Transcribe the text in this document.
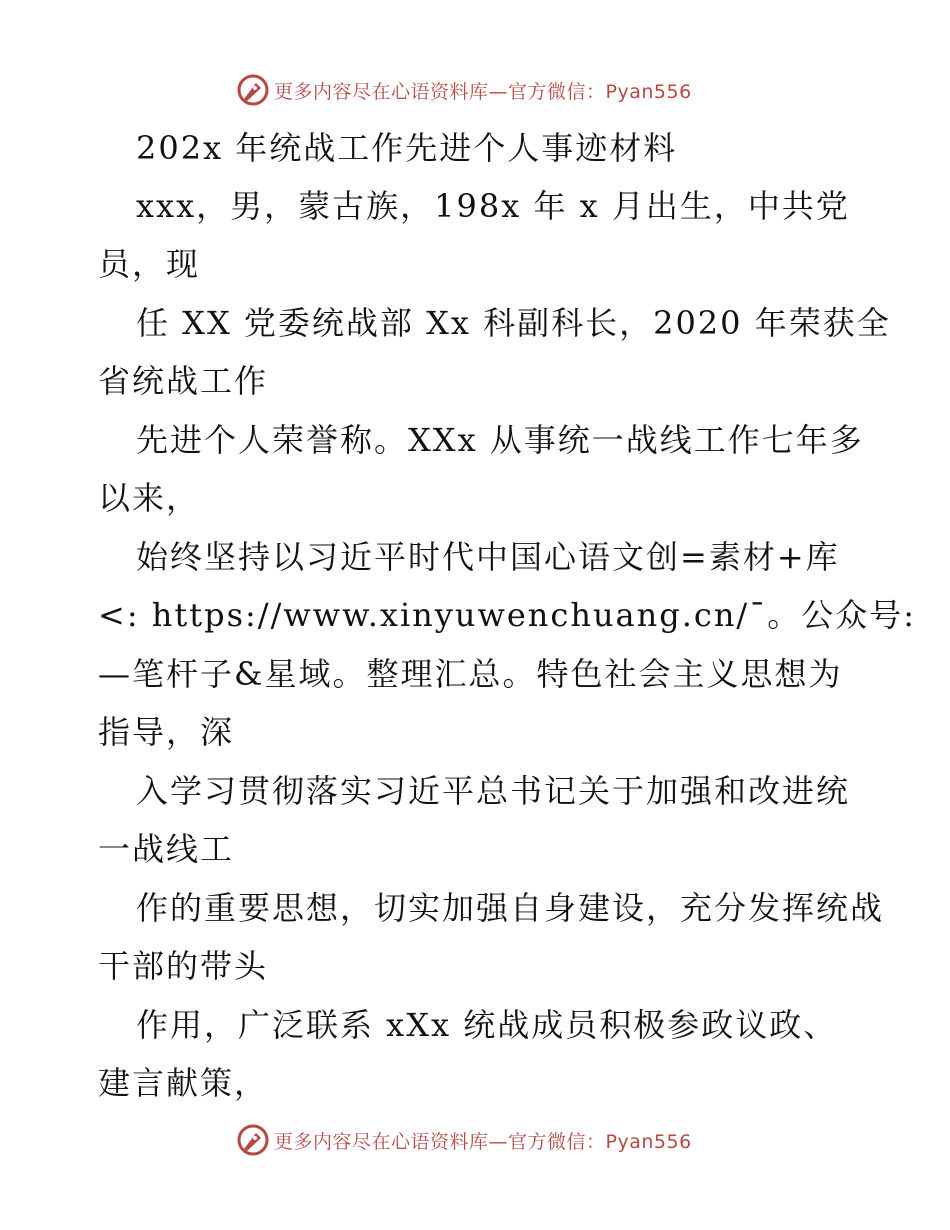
更多内容尽在心语资料库—官方微信：Pyan556
202x 年统战工作先进个人事迹材料
xxx，男，蒙古族，198x 年 x 月出生，中共党
员，现
任 XX 党委统战部 Xx 科副科长，2020 年荣获全
省统战工作
先进个人荣誉称。XXx 从事统一战线工作七年多
以来，
始终坚持以习近平时代中国心语文创=素材+库
<: https://www.xinyuwenchuang.cn/¯。公众号:
—笔杆子&星域。整理汇总。特色社会主义思想为
指导，深
入学习贯彻落实习近平总书记关于加强和改进统
一战线工
作的重要思想，切实加强自身建设，充分发挥统战
干部的带头
作用，广泛联系 xXx 统战成员积极参政议政、
建言献策，
更多内容尽在心语资料库—官方微信：Pyan556
